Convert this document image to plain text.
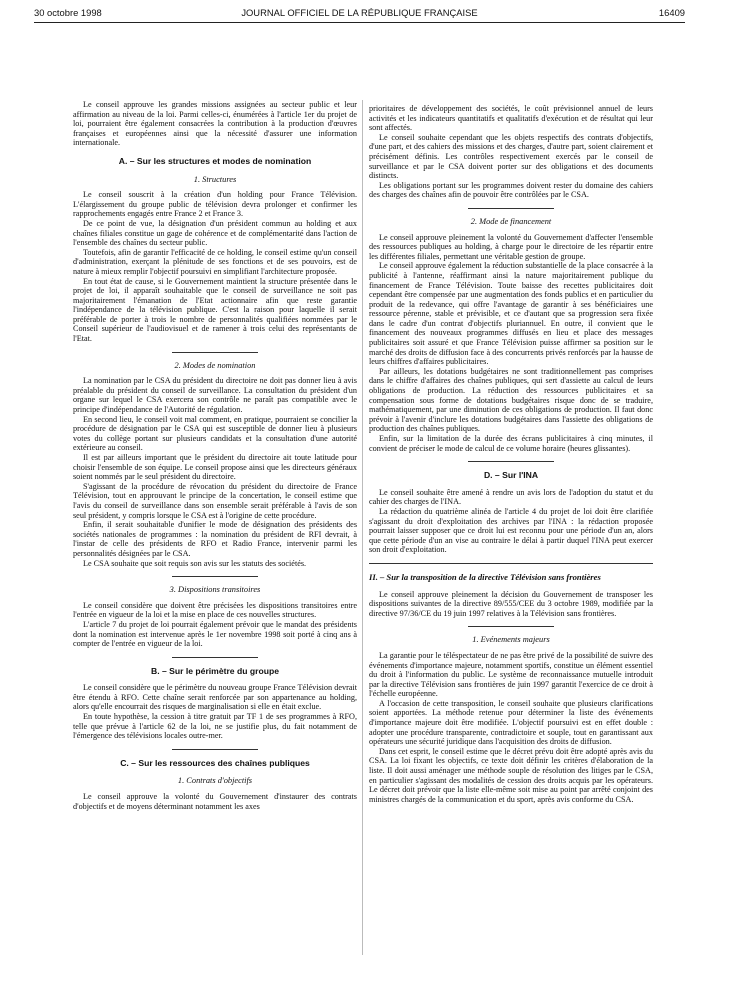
30 octobre 1998	JOURNAL OFFICIEL DE LA RÉPUBLIQUE FRANÇAISE	16409

Le conseil approuve les grandes missions assignées au secteur public et leur affirmation au niveau de la loi. Parmi celles-ci, énumérées à l'article 1er du projet de loi, pourraient être également consacrées la contribution à la production d'œuvres françaises et européennes ainsi que la nécessité d'assurer une information internationale.

A. – Sur les structures et modes de nomination
1. Structures

Le conseil souscrit à la création d'un holding pour France Télévision. L'élargissement du groupe public de télévision devra prolonger et confirmer les rapprochements engagés entre France 2 et France 3.

De ce point de vue, la désignation d'un président commun au holding et aux chaînes filiales constitue un gage de cohérence et de complémentarité dans l'action de l'ensemble des chaînes du secteur public.

Toutefois, afin de garantir l'efficacité de ce holding, le conseil estime qu'un conseil d'administration, exerçant la plénitude de ses fonctions et de ses pouvoirs, est de nature à mieux remplir l'objectif poursuivi en simplifiant l'architecture proposée.

En tout état de cause, si le Gouvernement maintient la structure présentée dans le projet de loi, il apparaît souhaitable que le conseil de surveillance ne soit pas majoritairement l'émanation de l'Etat actionnaire afin que reste garantie l'indépendance de la télévision publique. C'est la raison pour laquelle il serait préférable de porter à trois le nombre de personnalités qualifiées nommées par le Conseil supérieur de l'audiovisuel et de ramener à trois celui des représentants de l'Etat.

2. Modes de nomination

La nomination par le CSA du président du directoire ne doit pas donner lieu à avis préalable du président du conseil de surveillance. La consultation du président d'un organe sur lequel le CSA exercera son contrôle ne paraît pas compatible avec le principe d'indépendance de l'Autorité de régulation.

En second lieu, le conseil voit mal comment, en pratique, pourraient se concilier la procédure de désignation par le CSA qui est susceptible de donner lieu à plusieurs votes du collège portant sur plusieurs candidats et la consultation d'une autorité extérieure au conseil.

Il est par ailleurs important que le président du directoire ait toute latitude pour choisir l'ensemble de son équipe. Le conseil propose ainsi que les directeurs généraux soient nommés par le seul président du directoire.

S'agissant de la procédure de révocation du président du directoire de France Télévision, tout en approuvant le principe de la concertation, le conseil estime que l'avis du conseil de surveillance dans son ensemble serait préférable à l'avis de son seul président, y compris lorsque le CSA est à l'origine de cette procédure.

Enfin, il serait souhaitable d'unifier le mode de désignation des présidents des sociétés nationales de programmes : la nomination du président de RFI devrait, à l'instar de celle des présidents de RFO et Radio France, intervenir parmi les personnalités désignées par le CSA.

Le CSA souhaite que soit requis son avis sur les statuts des sociétés.

3. Dispositions transitoires

Le conseil considère que doivent être précisées les dispositions transitoires entre l'entrée en vigueur de la loi et la mise en place de ces nouvelles structures.

L'article 7 du projet de loi pourrait également prévoir que le mandat des présidents dont la nomination est intervenue après le 1er novembre 1998 soit porté à cinq ans à compter de l'entrée en vigueur de la loi.

B. – Sur le périmètre du groupe

Le conseil considère que le périmètre du nouveau groupe France Télévision devrait être étendu à RFO. Cette chaîne serait renforcée par son appartenance au holding, alors qu'elle encourrait des risques de marginalisation si elle en était exclue.

En toute hypothèse, la cession à titre gratuit par TF 1 de ses programmes à RFO, telle que prévue à l'article 62 de la loi, ne se justifie plus, du fait notamment de l'émergence des télévisions locales outre-mer.

C. – Sur les ressources des chaînes publiques
1. Contrats d'objectifs

Le conseil approuve la volonté du Gouvernement d'instaurer des contrats d'objectifs et de moyens déterminant notamment les axes

prioritaires de développement des sociétés, le coût prévisionnel annuel de leurs activités et les indicateurs quantitatifs et qualitatifs d'exécution et de résultat qui leur sont affectés.

Le conseil souhaite cependant que les objets respectifs des contrats d'objectifs, d'une part, et des cahiers des missions et des charges, d'autre part, soient clairement et précisément définis. Les contrôles respectivement exercés par le conseil de surveillance et par le CSA doivent porter sur des obligations et des documents distincts.

Les obligations portant sur les programmes doivent rester du domaine des cahiers des charges des chaînes afin de pouvoir être contrôlées par le CSA.

2. Mode de financement

Le conseil approuve pleinement la volonté du Gouvernement d'affecter l'ensemble des ressources publiques au holding, à charge pour le directoire de les répartir entre les différentes filiales, permettant une véritable gestion de groupe.

Le conseil approuve également la réduction substantielle de la place consacrée à la publicité à l'antenne, réaffirmant ainsi la nature majoritairement publique du financement de France Télévision. Toute baisse des recettes publicitaires doit cependant être compensée par une augmentation des fonds publics et en particulier du produit de la redevance, qui offre l'avantage de garantir à ses bénéficiaires une ressource pérenne, stable et prévisible, et ce d'autant que sa progression sera fixée dans le cadre d'un contrat d'objectifs pluriannuel. En outre, il convient que le financement des nouveaux programmes diffusés en lieu et place des messages publicitaires soit assuré et que France Télévision puisse affirmer sa position sur le marché des droits de diffusion face à des concurrents privés renforcés par la hausse de leurs chiffres d'affaires publicitaires.

Par ailleurs, les dotations budgétaires ne sont traditionnellement pas comprises dans le chiffre d'affaires des chaînes publiques, qui sert d'assiette au calcul de leurs obligations de production. La réduction des ressources publicitaires et sa compensation sous forme de dotations budgétaires risque donc de se traduire, mathématiquement, par une diminution de ces obligations de production. Il faut donc prévoir à l'avenir d'inclure les dotations budgétaires dans l'assiette des obligations de production des chaînes publiques.

Enfin, sur la limitation de la durée des écrans publicitaires à cinq minutes, il convient de préciser le mode de calcul de ce volume horaire (heures glissantes).

D. – Sur l'INA

Le conseil souhaite être amené à rendre un avis lors de l'adoption du statut et du cahier des charges de l'INA.

La rédaction du quatrième alinéa de l'article 4 du projet de loi doit être clarifiée s'agissant du droit d'exploitation des archives par l'INA : la rédaction proposée pourrait laisser supposer que ce droit lui est reconnu pour une période d'un an, alors que cette période d'un an vise au contraire le délai à partir duquel l'INA peut exercer son droit d'exploitation.

II. – Sur la transposition de la directive Télévision sans frontières

Le conseil approuve pleinement la décision du Gouvernement de transposer les dispositions suivantes de la directive 89/555/CEE du 3 octobre 1989, modifiée par la directive 97/36/CE du 19 juin 1997 relatives à la Télévision sans frontières.

1. Evénements majeurs

La garantie pour le téléspectateur de ne pas être privé de la possibilité de suivre des événements d'importance majeure, notamment sportifs, constitue un élément essentiel du droit à l'information du public. Le système de reconnaissance mutuelle introduit par la directive Télévision sans frontières de juin 1997 garantit l'exercice de ce droit à l'échelle européenne.

A l'occasion de cette transposition, le conseil souhaite que plusieurs clarifications soient apportées. La méthode retenue pour déterminer la liste des événements d'importance majeure doit être modifiée. L'objectif poursuivi est en effet double : adopter une procédure transparente, contradictoire et souple, tout en garantissant aux opérateurs une sécurité juridique dans l'acquisition des droits de diffusion.

Dans cet esprit, le conseil estime que le décret prévu doit être adopté après avis du CSA. La loi fixant les objectifs, ce texte doit définir les critères d'élaboration de la liste. Il doit aussi aménager une méthode souple de résolution des litiges par le CSA, en particulier s'agissant des modalités de cession des droits acquis par les opérateurs. Le décret doit prévoir que la liste elle-même soit mise au point par arrêté conjoint des ministres chargés de la communication et du sport, après avis conforme du CSA.
